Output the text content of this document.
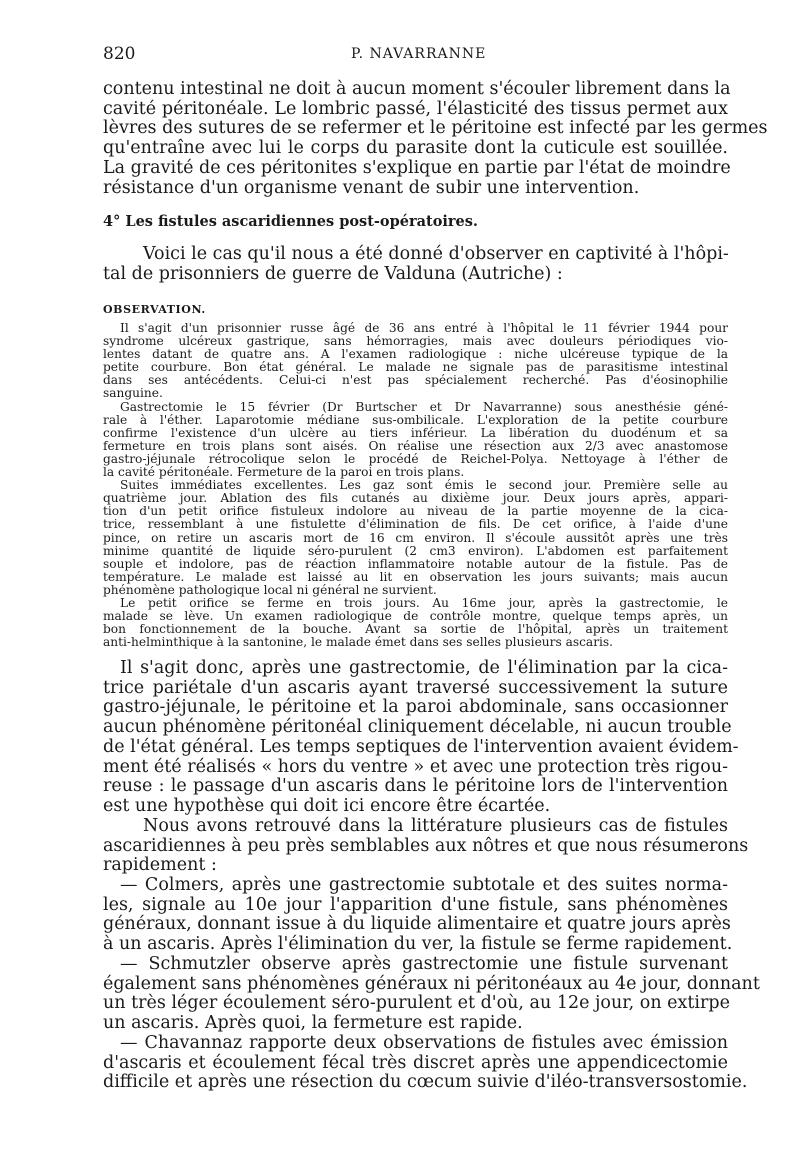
820	P. NAVARRANNE
contenu intestinal ne doit à aucun moment s'écouler librement dans la
cavité péritonéale. Le lombric passé, l'élasticité des tissus permet aux
lèvres des sutures de se refermer et le péritoine est infecté par les germes
qu'entraîne avec lui le corps du parasite dont la cuticule est souillée.
La gravité de ces péritonites s'explique en partie par l'état de moindre
résistance d'un organisme venant de subir une intervention.
4° Les fistules ascaridiennes post-opératoires.
Voici le cas qu'il nous a été donné d'observer en captivité à l'hôpi-
tal de prisonniers de guerre de Valduna (Autriche) :
OBSERVATION.
Il s'agit d'un prisonnier russe âgé de 36 ans entré à l'hôpital le 11 février 1944 pour
syndrome ulcéreux gastrique, sans hémorragies, mais avec douleurs périodiques vio-
lentes datant de quatre ans. A l'examen radiologique : niche ulcéreuse typique de la
petite courbure. Bon état général. Le malade ne signale pas de parasitisme intestinal
dans ses antécédents. Celui-ci n'est pas spécialement recherché. Pas d'éosinophilie
sanguine.
Gastrectomie le 15 février (Dr Burtscher et Dr Navarranne) sous anesthésie géné-
rale à l'éther. Laparotomie médiane sus-ombilicale. L'exploration de la petite courbure
confirme l'existence d'un ulcère au tiers inférieur. La libération du duodénum et sa
fermeture en trois plans sont aisés. On réalise une résection aux 2/3 avec anastomose
gastro-jéjunale rétrocolique selon le procédé de Reichel-Polya. Nettoyage à l'éther de
la cavité péritonéale. Fermeture de la paroi en trois plans.
Suites immédiates excellentes. Les gaz sont émis le second jour. Première selle au
quatrième jour. Ablation des fils cutanés au dixième jour. Deux jours après, appari-
tion d'un petit orifice fistuleux indolore au niveau de la partie moyenne de la cica-
trice, ressemblant à une fistulette d'élimination de fils. De cet orifice, à l'aide d'une
pince, on retire un ascaris mort de 16 cm environ. Il s'écoule aussitôt après une très
minime quantité de liquide séro-purulent (2 cm3 environ). L'abdomen est parfaitement
souple et indolore, pas de réaction inflammatoire notable autour de la fistule. Pas de
température. Le malade est laissé au lit en observation les jours suivants; mais aucun
phénomène pathologique local ni général ne survient.
Le petit orifice se ferme en trois jours. Au 16me jour, après la gastrectomie, le
malade se lève. Un examen radiologique de contrôle montre, quelque temps après, un
bon fonctionnement de la bouche. Avant sa sortie de l'hôpital, après un traitement
anti-helminthique à la santonine, le malade émet dans ses selles plusieurs ascaris.
Il s'agit donc, après une gastrectomie, de l'élimination par la cica-
trice pariétale d'un ascaris ayant traversé successivement la suture
gastro-jéjunale, le péritoine et la paroi abdominale, sans occasionner
aucun phénomène péritonéal cliniquement décelable, ni aucun trouble
de l'état général. Les temps septiques de l'intervention avaient évidem-
ment été réalisés « hors du ventre » et avec une protection très rigou-
reuse : le passage d'un ascaris dans le péritoine lors de l'intervention
est une hypothèse qui doit ici encore être écartée.
Nous avons retrouvé dans la littérature plusieurs cas de fistules
ascaridiennes à peu près semblables aux nôtres et que nous résumerons
rapidement :
— Colmers, après une gastrectomie subtotale et des suites norma-
les, signale au 10e jour l'apparition d'une fistule, sans phénomènes
généraux, donnant issue à du liquide alimentaire et quatre jours après
à un ascaris. Après l'élimination du ver, la fistule se ferme rapidement.
— Schmutzler observe après gastrectomie une fistule survenant
également sans phénomènes généraux ni péritonéaux au 4e jour, donnant
un très léger écoulement séro-purulent et d'où, au 12e jour, on extirpe
un ascaris. Après quoi, la fermeture est rapide.
— Chavannaz rapporte deux observations de fistules avec émission
d'ascaris et écoulement fécal très discret après une appendicectomie
difficile et après une résection du cœcum suivie d'iléo-transversostomie.
